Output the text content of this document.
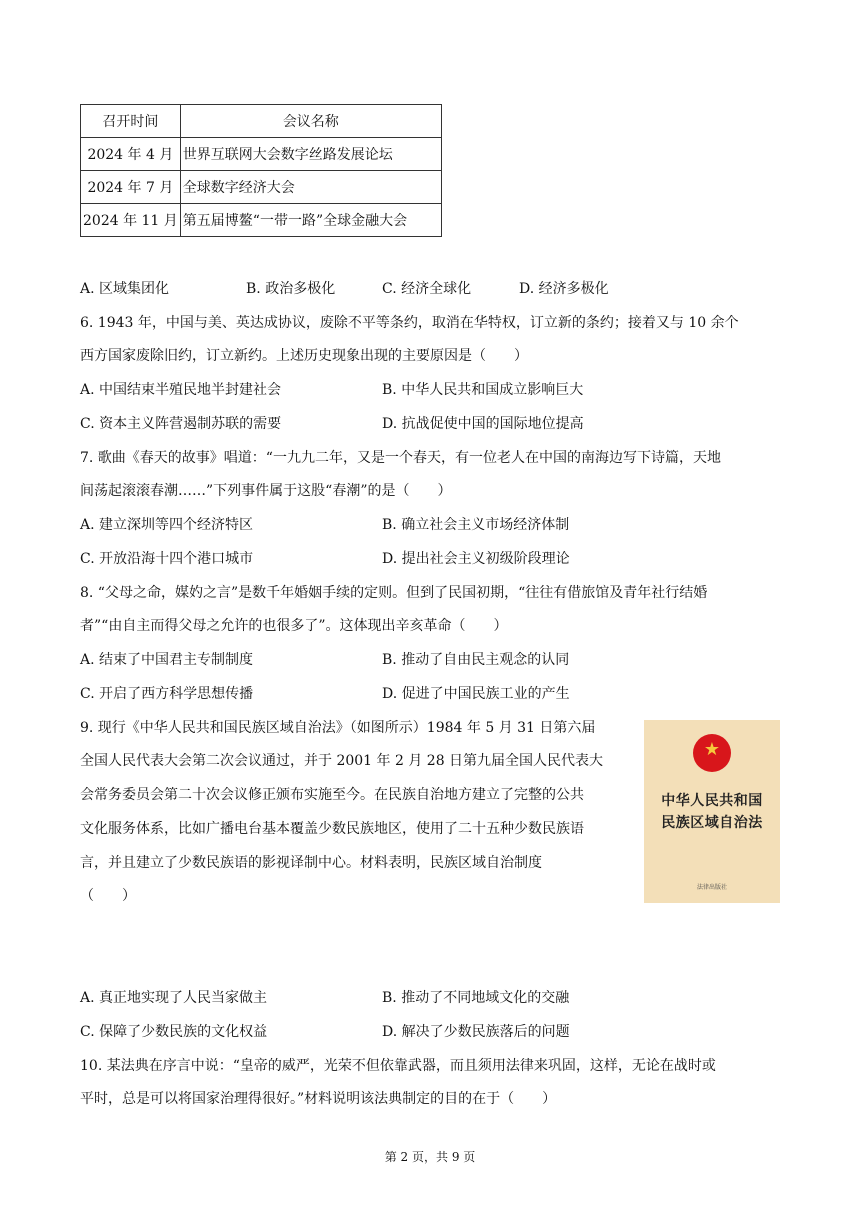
召开时间	会议名称
2024 年 4 月	世界互联网大会数字丝路发展论坛
2024 年 7 月	全球数字经济大会
2024 年 11 月	第五届博鳌“一带一路”全球金融大会
A. 区域集团化	B. 政治多极化	C. 经济全球化	D. 经济多极化
6. 1943 年，中国与美、英达成协议，废除不平等条约，取消在华特权，订立新的条约；接着又与 10 余个
西方国家废除旧约，订立新约。上述历史现象出现的主要原因是（　　）
A. 中国结束半殖民地半封建社会	B. 中华人民共和国成立影响巨大
C. 资本主义阵营遏制苏联的需要	D. 抗战促使中国的国际地位提高
7. 歌曲《春天的故事》唱道：“一九九二年，又是一个春天，有一位老人在中国的南海边写下诗篇，天地
间荡起滚滚春潮……”下列事件属于这股“春潮”的是（　　）
A. 建立深圳等四个经济特区	B. 确立社会主义市场经济体制
C. 开放沿海十四个港口城市	D. 提出社会主义初级阶段理论
8. “父母之命，媒妁之言”是数千年婚姻手续的定则。但到了民国初期，“往往有借旅馆及青年社行结婚
者”“由自主而得父母之允许的也很多了”。这体现出辛亥革命（　　）
A. 结束了中国君主专制制度	B. 推动了自由民主观念的认同
C. 开启了西方科学思想传播	D. 促进了中国民族工业的产生
9. 现行《中华人民共和国民族区域自治法》（如图所示）1984 年 5 月 31 日第六届
全国人民代表大会第二次会议通过，并于 2001 年 2 月 28 日第九届全国人民代表大
会常务委员会第二十次会议修正颁布实施至今。在民族自治地方建立了完整的公共
文化服务体系，比如广播电台基本覆盖少数民族地区，使用了二十五种少数民族语
言，并且建立了少数民族语的影视译制中心。材料表明，民族区域自治制度
（　　）
★
中华人民共和国
民族区域自治法
法律出版社
A. 真正地实现了人民当家做主	B. 推动了不同地域文化的交融
C. 保障了少数民族的文化权益	D. 解决了少数民族落后的问题
10. 某法典在序言中说：“皇帝的威严，光荣不但依靠武器，而且须用法律来巩固，这样，无论在战时或
平时，总是可以将国家治理得很好。”材料说明该法典制定的目的在于（　　）
第 2 页，共 9 页
